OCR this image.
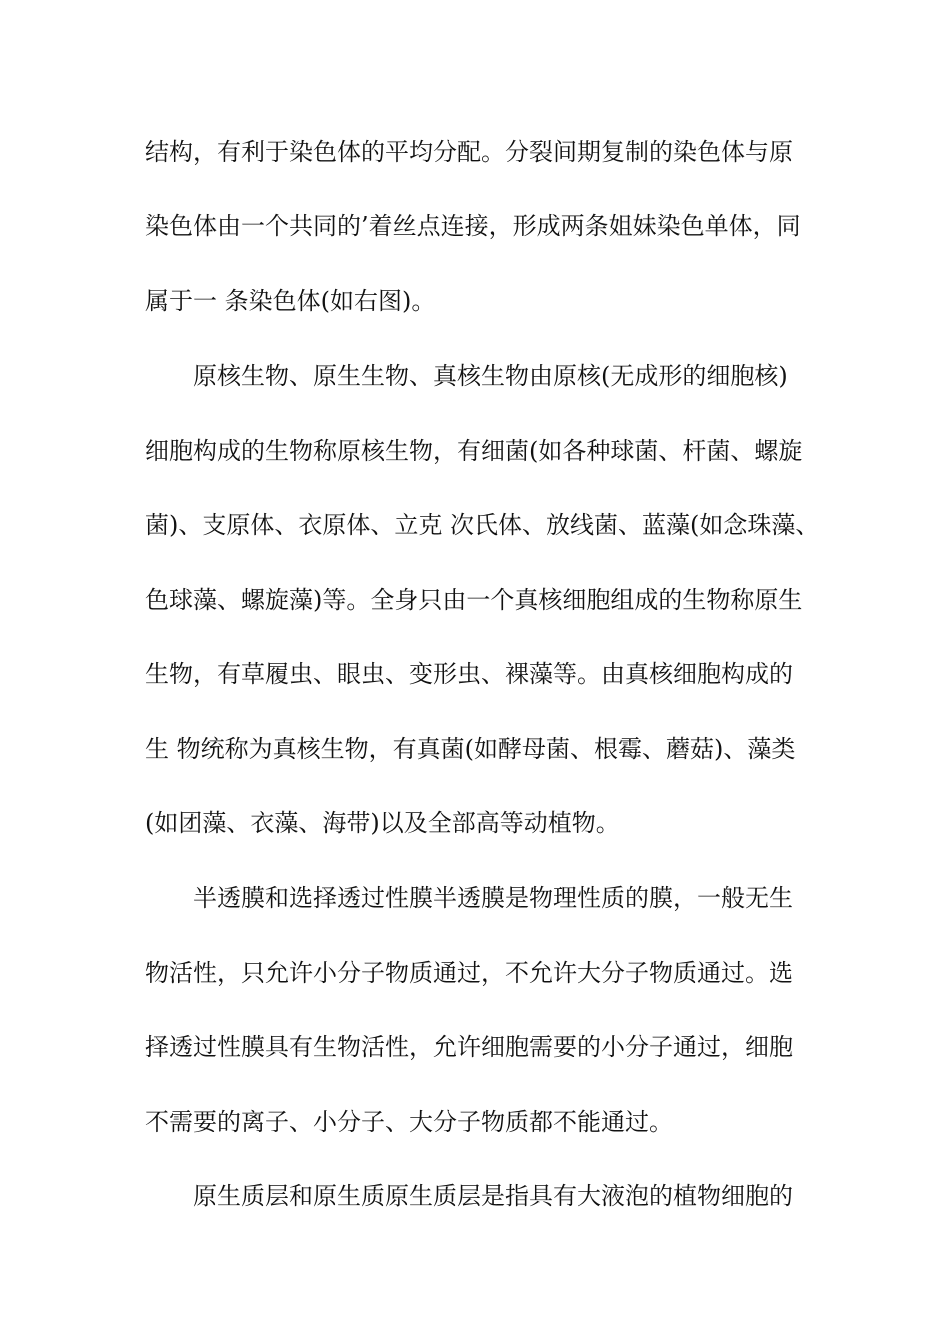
结构，有利于染色体的平均分配。分裂间期复制的染色体与原

染色体由一个共同的’着丝点连接，形成两条姐妹染色单体，同

属于一 条染色体(如右图)。

原核生物、原生生物、真核生物由原核(无成形的细胞核)

细胞构成的生物称原核生物，有细菌(如各种球菌、杆菌、螺旋

菌)、支原体、衣原体、立克 次氏体、放线菌、蓝藻(如念珠藻、

色球藻、螺旋藻)等。全身只由一个真核细胞组成的生物称原生

生物，有草履虫、眼虫、变形虫、裸藻等。由真核细胞构成的

生 物统称为真核生物，有真菌(如酵母菌、根霉、蘑菇)、藻类

(如团藻、衣藻、海带)以及全部高等动植物。

半透膜和选择透过性膜半透膜是物理性质的膜，一般无生

物活性，只允许小分子物质通过，不允许大分子物质通过。选

择透过性膜具有生物活性，允许细胞需要的小分子通过，细胞

不需要的离子、小分子、大分子物质都不能通过。

原生质层和原生质原生质层是指具有大液泡的植物细胞的
